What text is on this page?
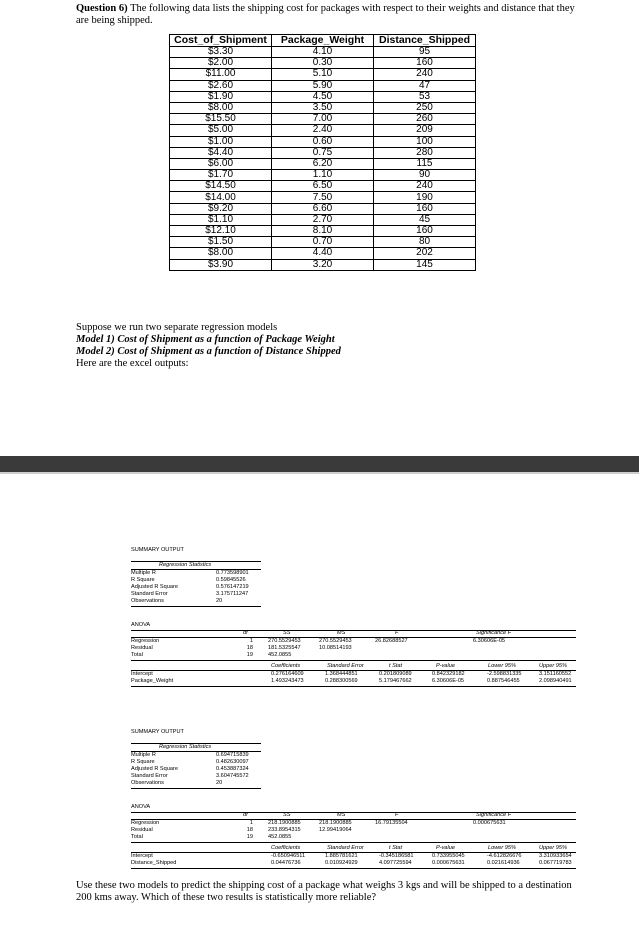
Question 6) The following data lists the shipping cost for packages with respect to their weights and distance that they are being shipped.
Cost_of_Shipment	Package_Weight	Distance_Shipped
$3.30	4.10	95
$2.00	0.30	160
$11.00	5.10	240
$2.60	5.90	47
$1.90	4.50	53
$8.00	3.50	250
$15.50	7.00	260
$5.00	2.40	209
$1.00	0.60	100
$4.40	0.75	280
$6.00	6.20	115
$1.70	1.10	90
$14.50	6.50	240
$14.00	7.50	190
$9.20	6.60	160
$1.10	2.70	45
$12.10	8.10	160
$1.50	0.70	80
$8.00	4.40	202
$3.90	3.20	145
Suppose we run two separate regression models
Model 1) Cost of Shipment as a function of Package Weight
Model 2) Cost of Shipment as a function of Distance Shipped
Here are the excel outputs:
SUMMARY OUTPUT
Regression Statistics
Multiple R	0.773598901
R Square	0.59845526
Adjusted R Square	0.576147219
Standard Error	3.175711247
Observations	20
ANOVA
df	SS	MS	F	Significance F
Regression	1	270.5529453	270.5529453	26.82688527	6.30606E-05
Residual	18	181.5325547	10.08514193
Total	19	452.0855
Coefficients	Standard Error	t Stat	P-value	Lower 95%	Upper 95%
Intercept	0.276164609	1.368444851	0.201809089	0.842329182	-2.598831335	3.151160552
Package_Weight	1.493243473	0.288300569	5.179467662	6.30606E-05	0.887546455	2.098940491
SUMMARY OUTPUT
Regression Statistics
Multiple R	0.694715839
R Square	0.482630097
Adjusted R Square	0.453887324
Standard Error	3.604745572
Observations	20
ANOVA
df	SS	MS	F	Significance F
Regression	1	218.1900885	218.1900885	16.79135504	0.000675631
Residual	18	233.8954315	12.99419064
Total	19	452.0855
Coefficients	Standard Error	t Stat	P-value	Lower 95%	Upper 95%
Intercept	-0.650946511	1.885781621	-0.345186581	0.733955045	-4.612826676	3.310933654
Distance_Shipped	0.04476736	0.010924929	4.097725594	0.000675631	0.021614936	0.067719783
Use these two models to predict the shipping cost of a package what weighs 3 kgs and will be shipped to a destination 200 kms away. Which of these two results is statistically more reliable?
